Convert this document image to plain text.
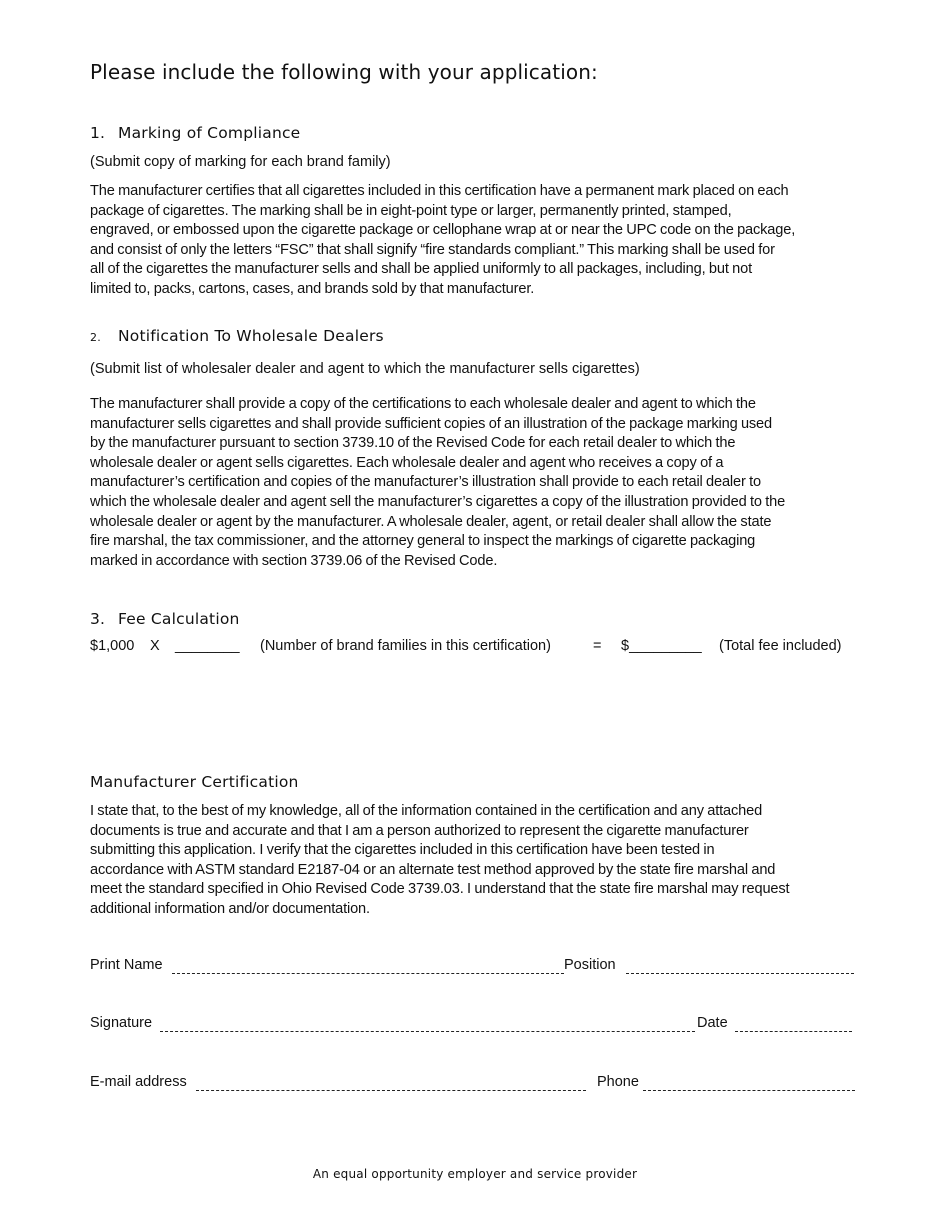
Please include the following with your application:
1. Marking of Compliance
(Submit copy of marking for each brand family)
The manufacturer certifies that all cigarettes included in this certification have a permanent mark placed on each
package of cigarettes. The marking shall be in eight-point type or larger, permanently printed, stamped,
engraved, or embossed upon the cigarette package or cellophane wrap at or near the UPC code on the package,
and consist of only the letters “FSC” that shall signify “fire standards compliant.” This marking shall be used for
all of the cigarettes the manufacturer sells and shall be applied uniformly to all packages, including, but not
limited to, packs, cartons, cases, and brands sold by that manufacturer.
2. Notification To Wholesale Dealers
(Submit list of wholesaler dealer and agent to which the manufacturer sells cigarettes)
The manufacturer shall provide a copy of the certifications to each wholesale dealer and agent to which the
manufacturer sells cigarettes and shall provide sufficient copies of an illustration of the package marking used
by the manufacturer pursuant to section 3739.10 of the Revised Code for each retail dealer to which the
wholesale dealer or agent sells cigarettes. Each wholesale dealer and agent who receives a copy of a
manufacturer’s certification and copies of the manufacturer’s illustration shall provide to each retail dealer to
which the wholesale dealer and agent sell the manufacturer’s cigarettes a copy of the illustration provided to the
wholesale dealer or agent by the manufacturer. A wholesale dealer, agent, or retail dealer shall allow the state
fire marshal, the tax commissioner, and the attorney general to inspect the markings of cigarette packaging
marked in accordance with section 3739.06 of the Revised Code.
3. Fee Calculation
$1,000 X ________ (Number of brand families in this certification)	= $_________ (Total fee included)
Manufacturer Certification
I state that, to the best of my knowledge, all of the information contained in the certification and any attached
documents is true and accurate and that I am a person authorized to represent the cigarette manufacturer
submitting this application. I verify that the cigarettes included in this certification have been tested in
accordance with ASTM standard E2187-04 or an alternate test method approved by the state fire marshal and
meet the standard specified in Ohio Revised Code 3739.03. I understand that the state fire marshal may request
additional information and/or documentation.
Print Name	Position
Signature	Date
E-mail address	Phone
An equal opportunity employer and service provider
